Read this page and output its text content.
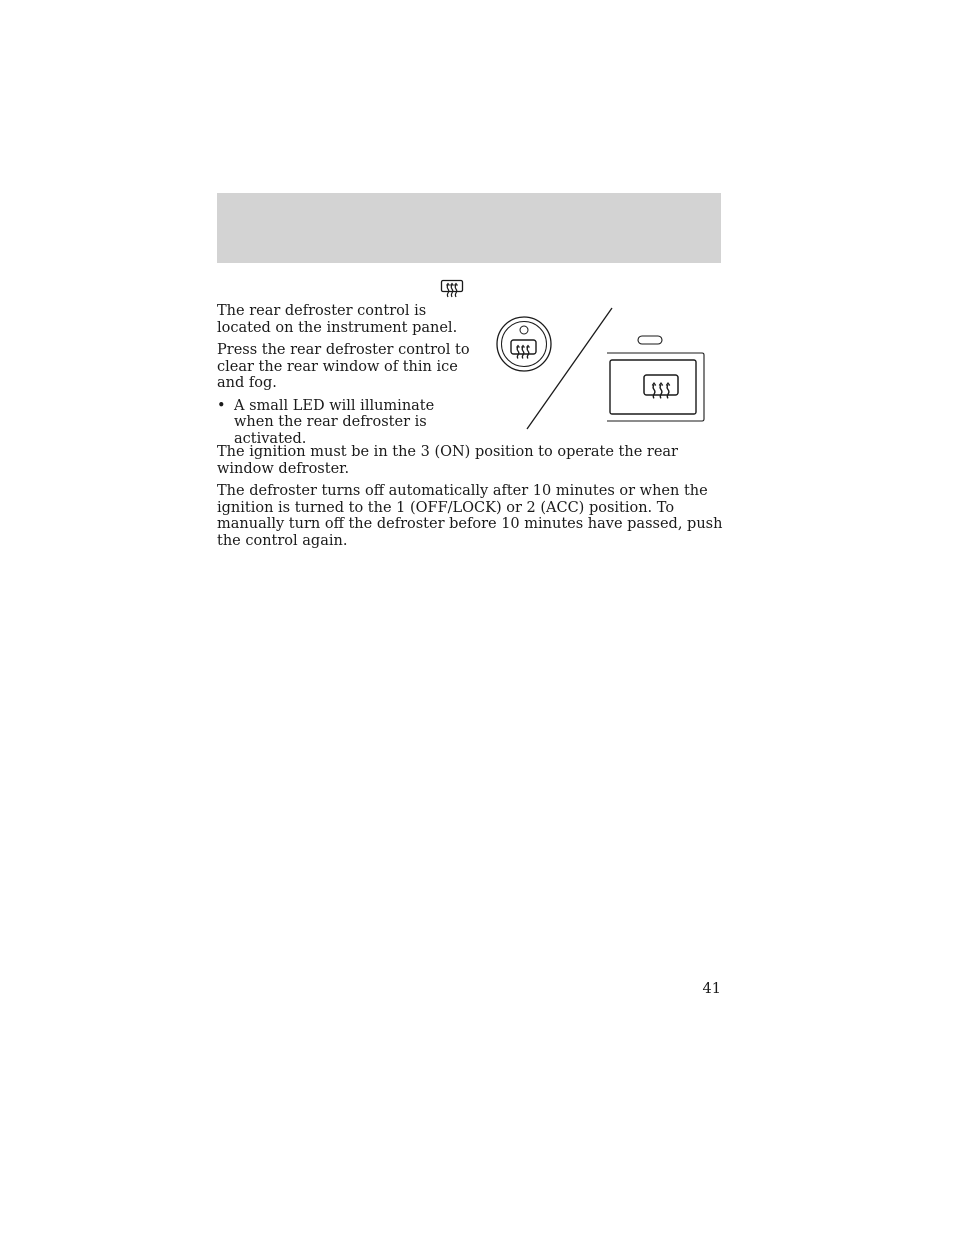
The rear defroster control is located on the instrument panel.

Press the rear defroster control to clear the rear window of thin ice and fog.

• A small LED will illuminate when the rear defroster is activated.

The ignition must be in the 3 (ON) position to operate the rear window defroster.

The defroster turns off automatically after 10 minutes or when the ignition is turned to the 1 (OFF/LOCK) or 2 (ACC) position. To manually turn off the defroster before 10 minutes have passed, push the control again.

41
